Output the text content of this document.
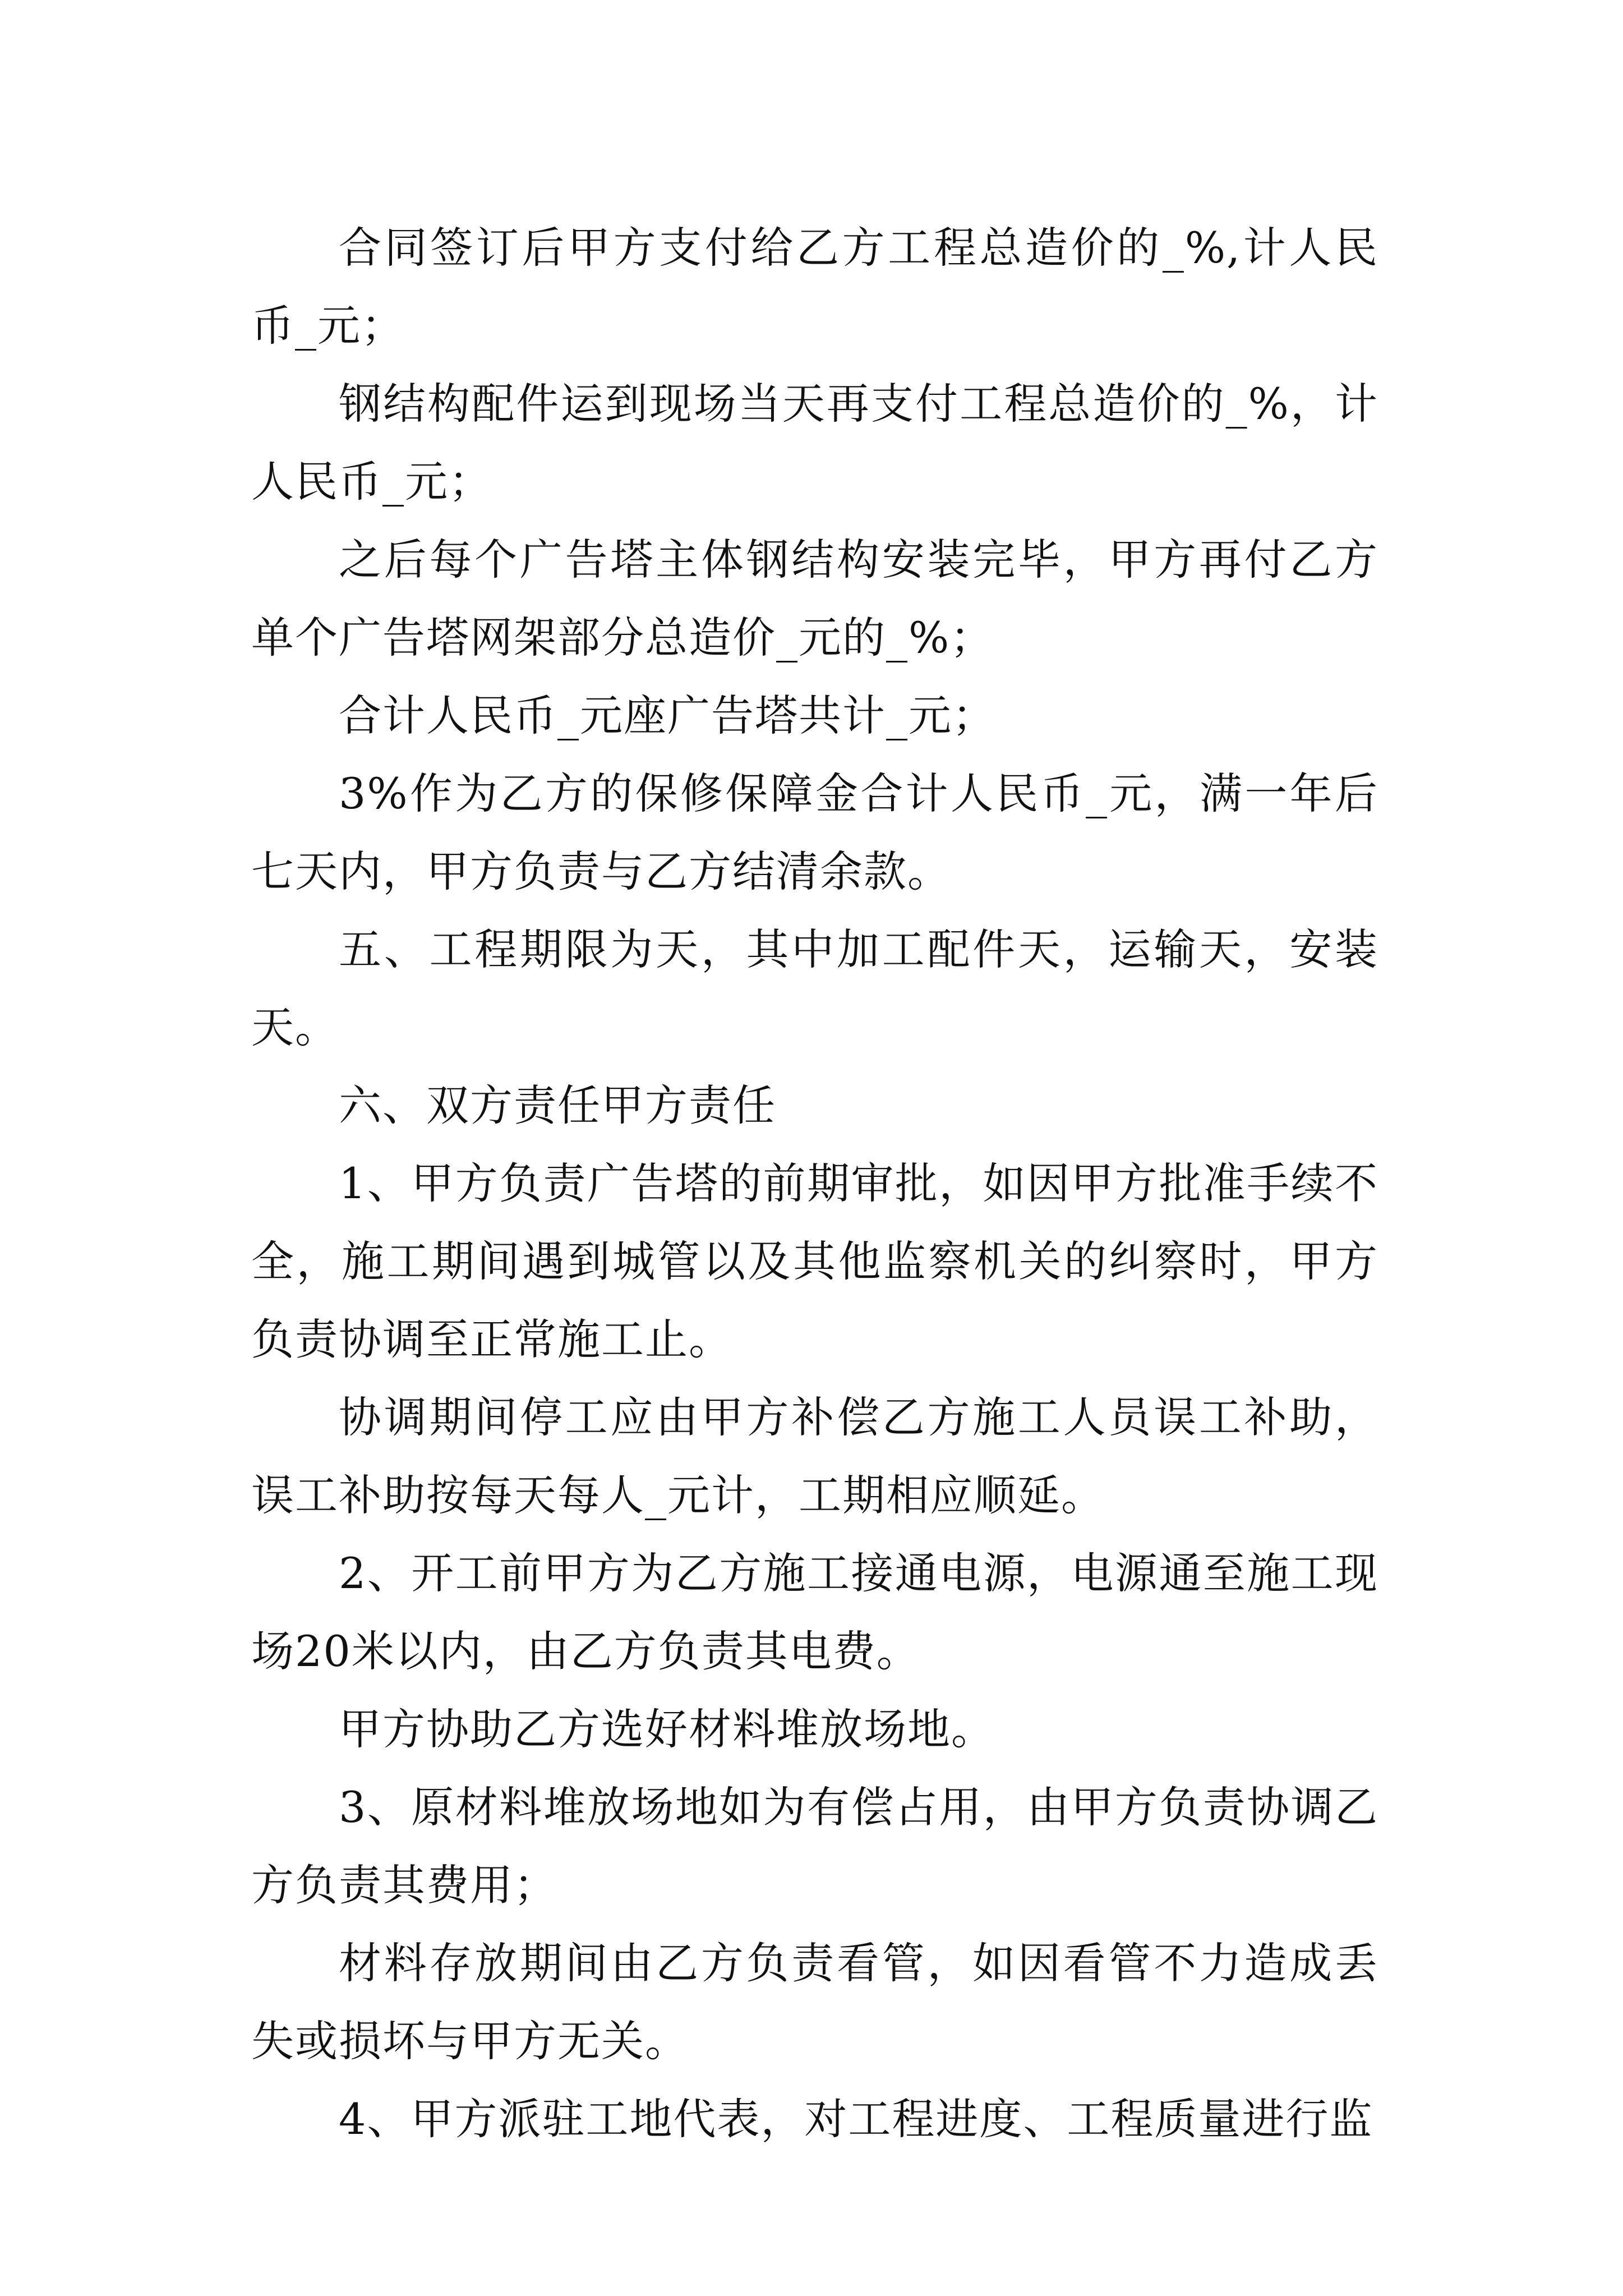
合同签订后甲方支付给乙方工程总造价的_%,计人民币_元；

钢结构配件运到现场当天再支付工程总造价的_%，计人民币_元；

之后每个广告塔主体钢结构安装完毕，甲方再付乙方单个广告塔网架部分总造价_元的_%；

合计人民币_元座广告塔共计_元；

3%作为乙方的保修保障金合计人民币_元，满一年后七天内，甲方负责与乙方结清余款。

五、工程期限为天，其中加工配件天，运输天，安装天。

六、双方责任甲方责任

1、甲方负责广告塔的前期审批，如因甲方批准手续不全，施工期间遇到城管以及其他监察机关的纠察时，甲方负责协调至正常施工止。

协调期间停工应由甲方补偿乙方施工人员误工补助，误工补助按每天每人_元计，工期相应顺延。

2、开工前甲方为乙方施工接通电源，电源通至施工现场20米以内，由乙方负责其电费。

甲方协助乙方选好材料堆放场地。

3、原材料堆放场地如为有偿占用，由甲方负责协调乙方负责其费用；

材料存放期间由乙方负责看管，如因看管不力造成丢失或损坏与甲方无关。

4、甲方派驻工地代表，对工程进度、工程质量进行监
